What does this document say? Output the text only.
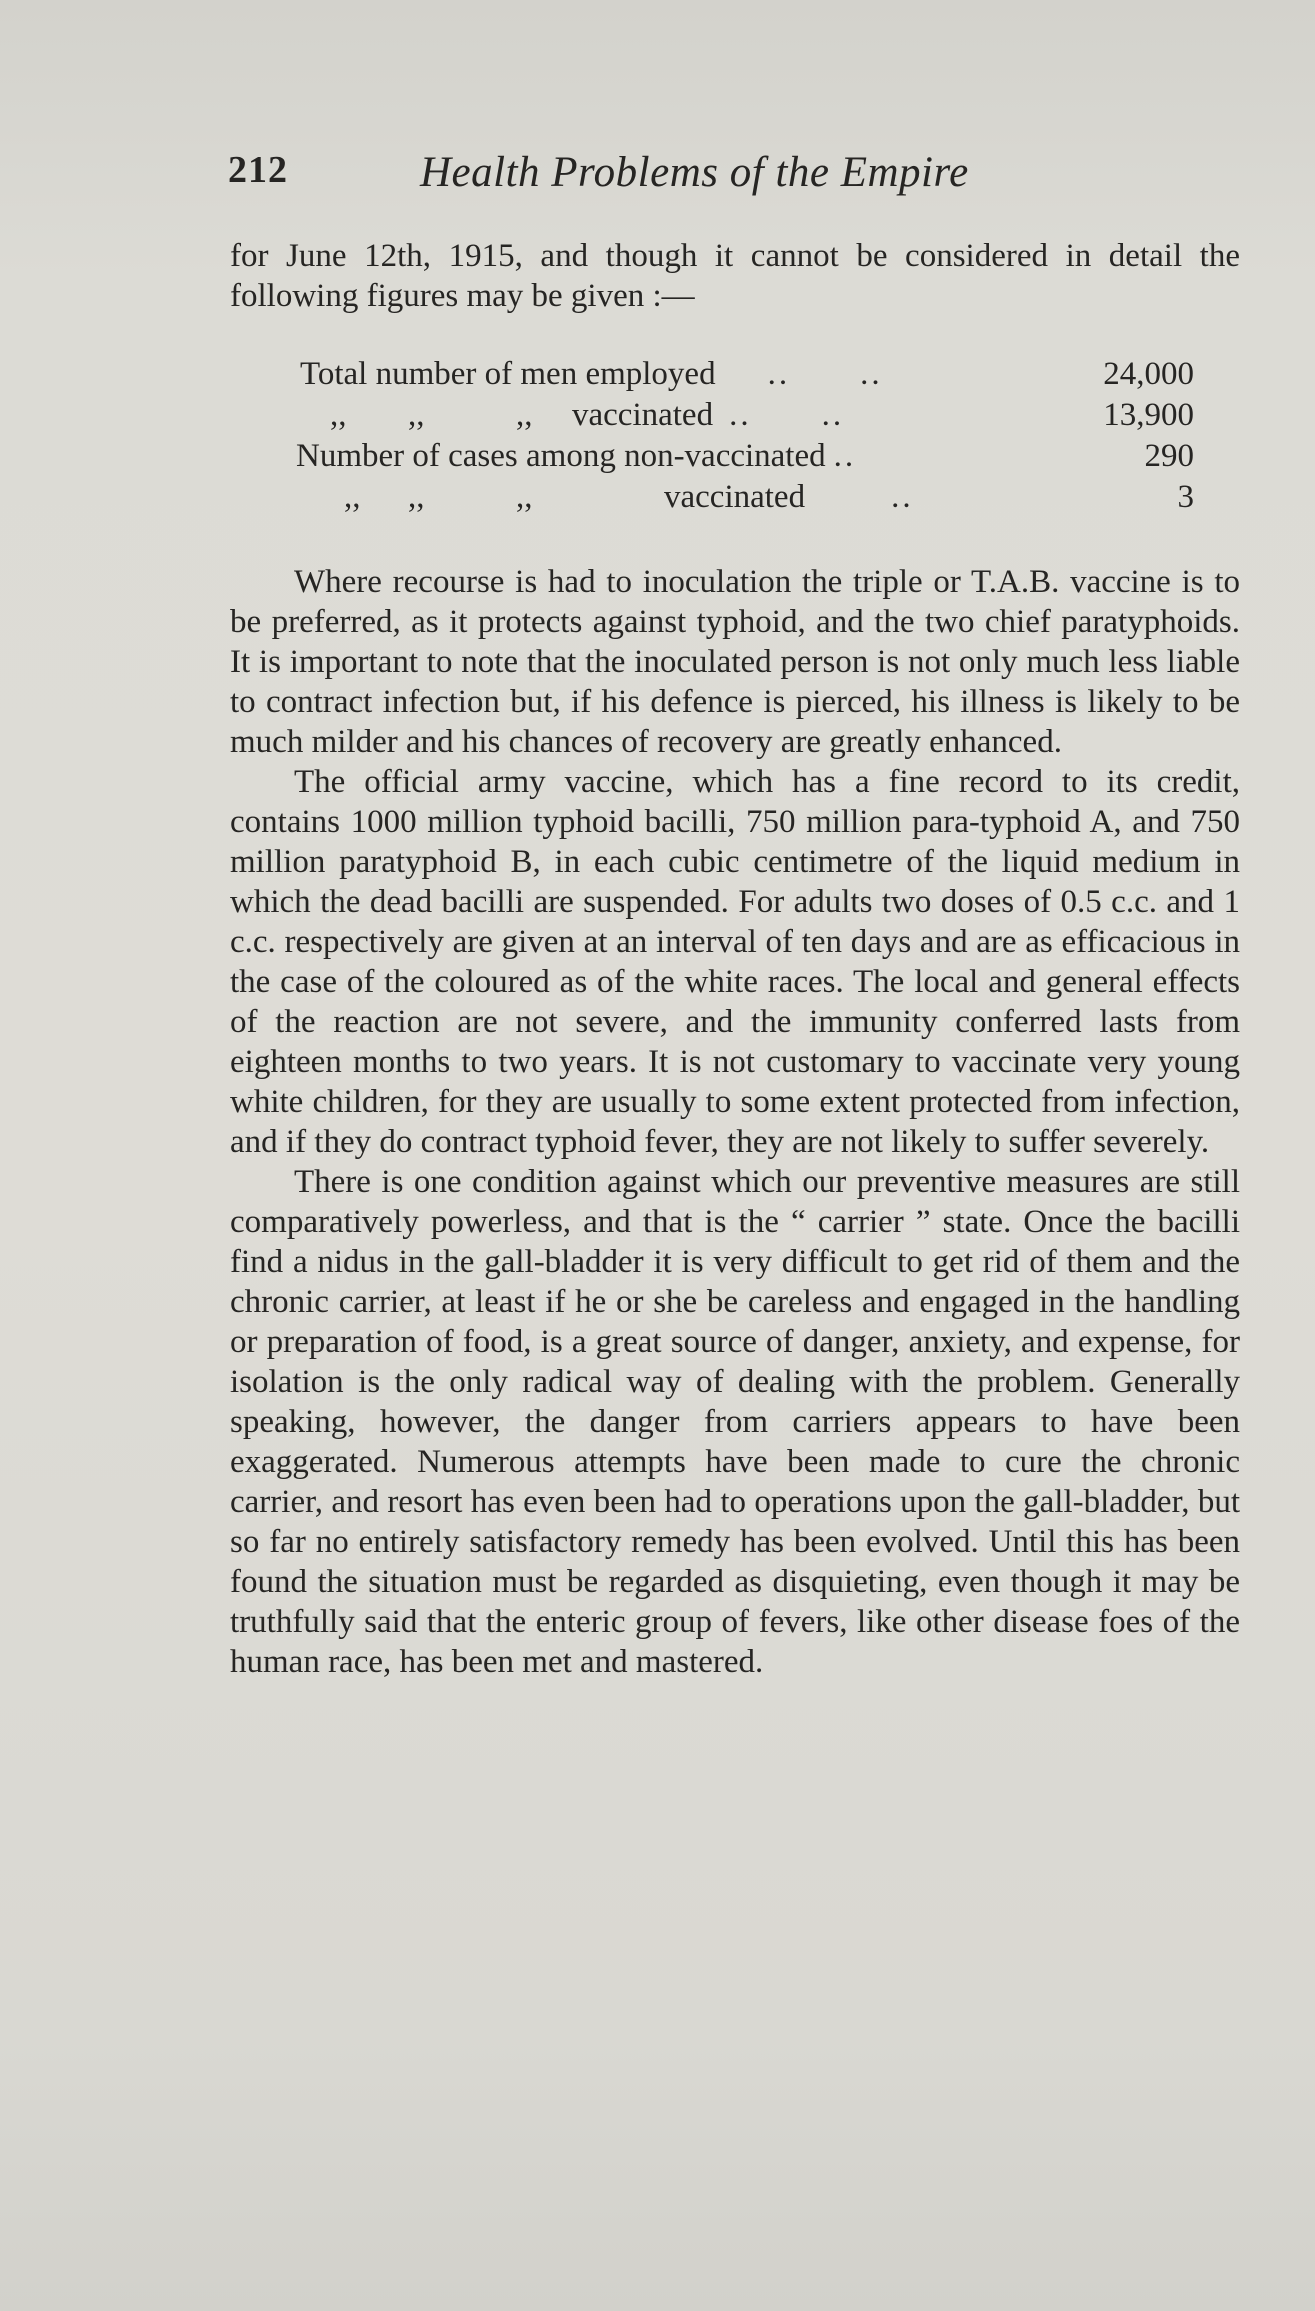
212	Health Problems of the Empire

for June 12th, 1915, and though it cannot be considered in detail the following figures may be given :—

Total number of men employed .. ..	24,000
,, ,,	,, vaccinated .. ..	13,900
Number of cases among non-vaccinated ..	290
,, ,,	,,	vaccinated	..	3

Where recourse is had to inoculation the triple or T.A.B. vaccine is to be preferred, as it protects against typhoid, and the two chief paratyphoids. It is important to note that the inoculated person is not only much less liable to contract infection but, if his defence is pierced, his illness is likely to be much milder and his chances of recovery are greatly enhanced.

The official army vaccine, which has a fine record to its credit, contains 1000 million typhoid bacilli, 750 million para-typhoid A, and 750 million paratyphoid B, in each cubic centimetre of the liquid medium in which the dead bacilli are suspended. For adults two doses of 0.5 c.c. and 1 c.c. respectively are given at an interval of ten days and are as efficacious in the case of the coloured as of the white races. The local and general effects of the reaction are not severe, and the immunity conferred lasts from eighteen months to two years. It is not customary to vaccinate very young white children, for they are usually to some extent protected from infection, and if they do contract typhoid fever, they are not likely to suffer severely.

There is one condition against which our preventive measures are still comparatively powerless, and that is the “ carrier ” state. Once the bacilli find a nidus in the gall-bladder it is very difficult to get rid of them and the chronic carrier, at least if he or she be careless and engaged in the handling or preparation of food, is a great source of danger, anxiety, and expense, for isolation is the only radical way of dealing with the problem. Generally speaking, however, the danger from carriers appears to have been exaggerated. Numerous attempts have been made to cure the chronic carrier, and resort has even been had to operations upon the gall-bladder, but so far no entirely satisfactory remedy has been evolved. Until this has been found the situation must be regarded as disquieting, even though it may be truthfully said that the enteric group of fevers, like other disease foes of the human race, has been met and mastered.
